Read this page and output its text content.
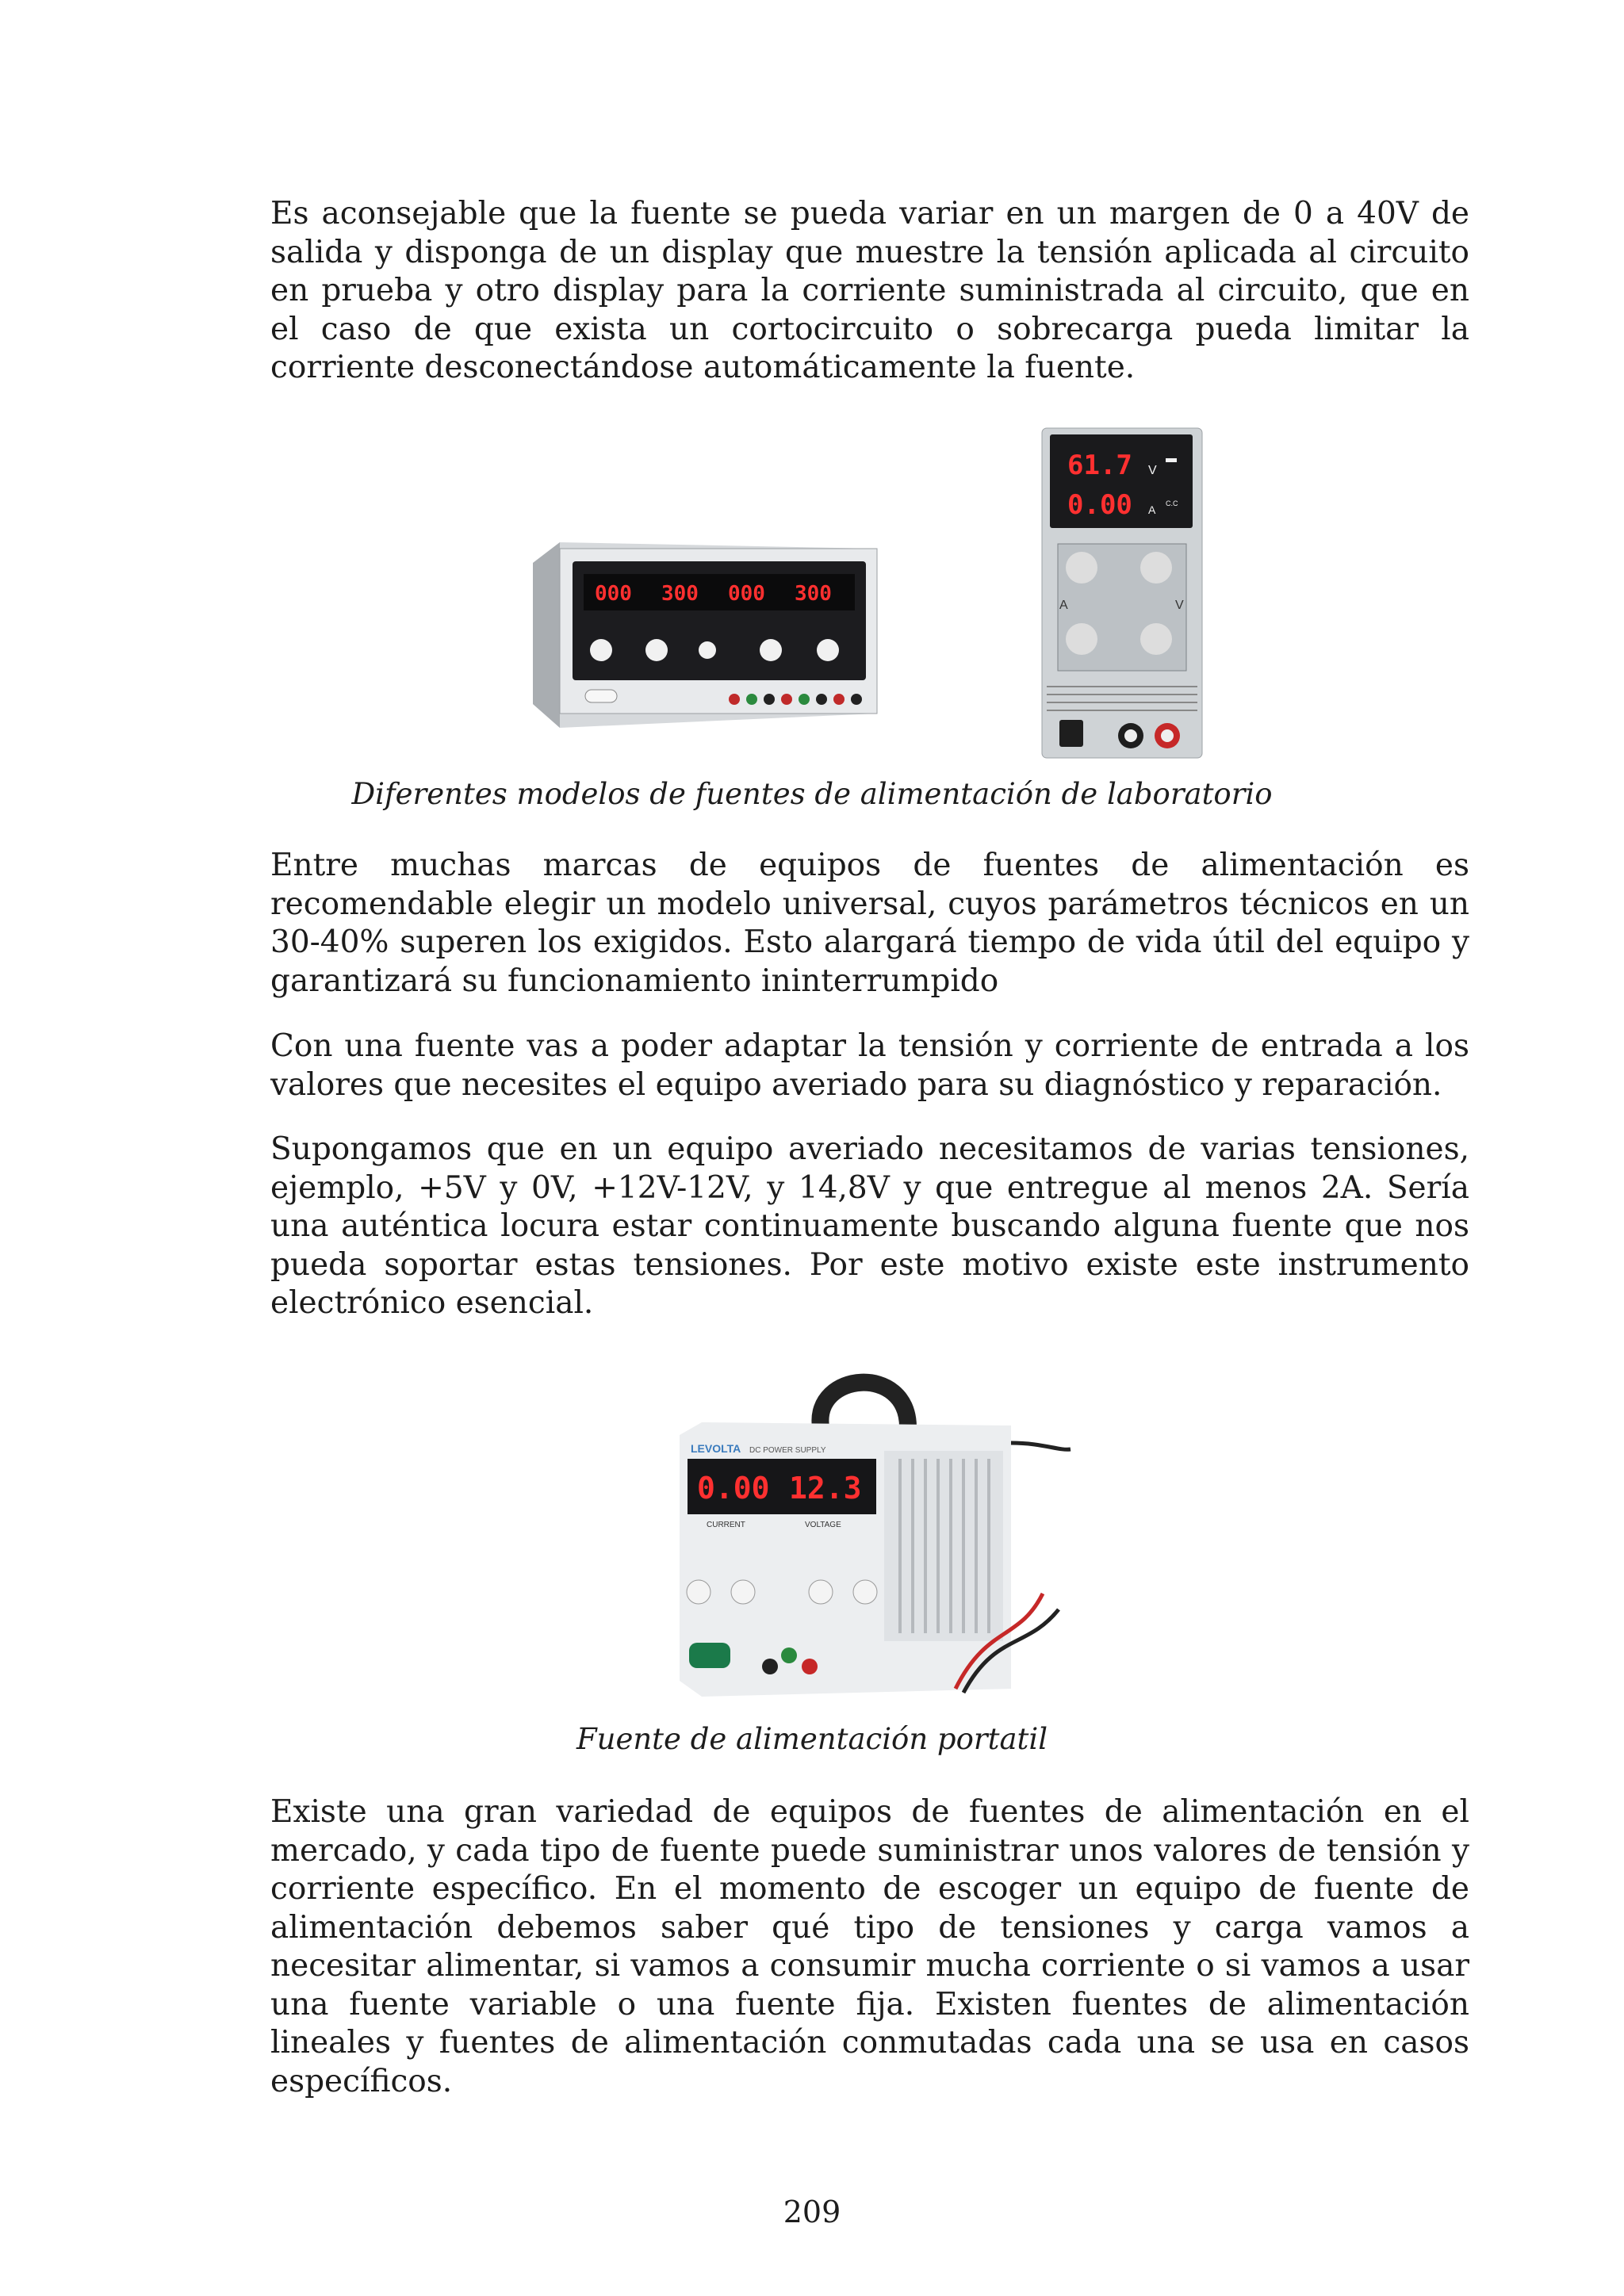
Es aconsejable que la fuente se pueda variar en un margen de 0 a 40V de salida y disponga de un display que muestre la tensión aplicada al circuito en prueba y otro display para la corriente suministrada al circuito, que en el caso de que exista un cortocircuito o sobrecarga pueda limitar la corriente desconectándose automáticamente la fuente.

000 300 000 300
61.7 V
0.00 A C.C
A	V

Diferentes modelos de fuentes de alimentación de laboratorio

Entre muchas marcas de equipos de fuentes de alimentación es recomendable elegir un modelo universal, cuyos parámetros técnicos en un 30-40% superen los exigidos. Esto alargará tiempo de vida útil del equipo y garantizará su funcionamiento ininterrumpido

Con una fuente vas a poder adaptar la tensión y corriente de entrada a los valores que necesites el equipo averiado para su diagnóstico y reparación.

Supongamos que en un equipo averiado necesitamos de varias tensiones, ejemplo, +5V y 0V, +12V-12V, y 14,8V y que entregue al menos 2A. Sería una auténtica locura estar continuamente buscando alguna fuente que nos pueda soportar estas tensiones. Por este motivo existe este instrumento electrónico esencial.

LEVOLTA DC POWER SUPPLY
0.00 12.3
CURRENT	VOLTAGE

Fuente de alimentación portatil

Existe una gran variedad de equipos de fuentes de alimentación en el mercado, y cada tipo de fuente puede suministrar unos valores de tensión y corriente específico. En el momento de escoger un equipo de fuente de alimentación debemos saber qué tipo de tensiones y carga vamos a necesitar alimentar, si vamos a consumir mucha corriente o si vamos a usar una fuente variable o una fuente fija. Existen fuentes de alimentación lineales y fuentes de alimentación conmutadas cada una se usa en casos específicos.

209
